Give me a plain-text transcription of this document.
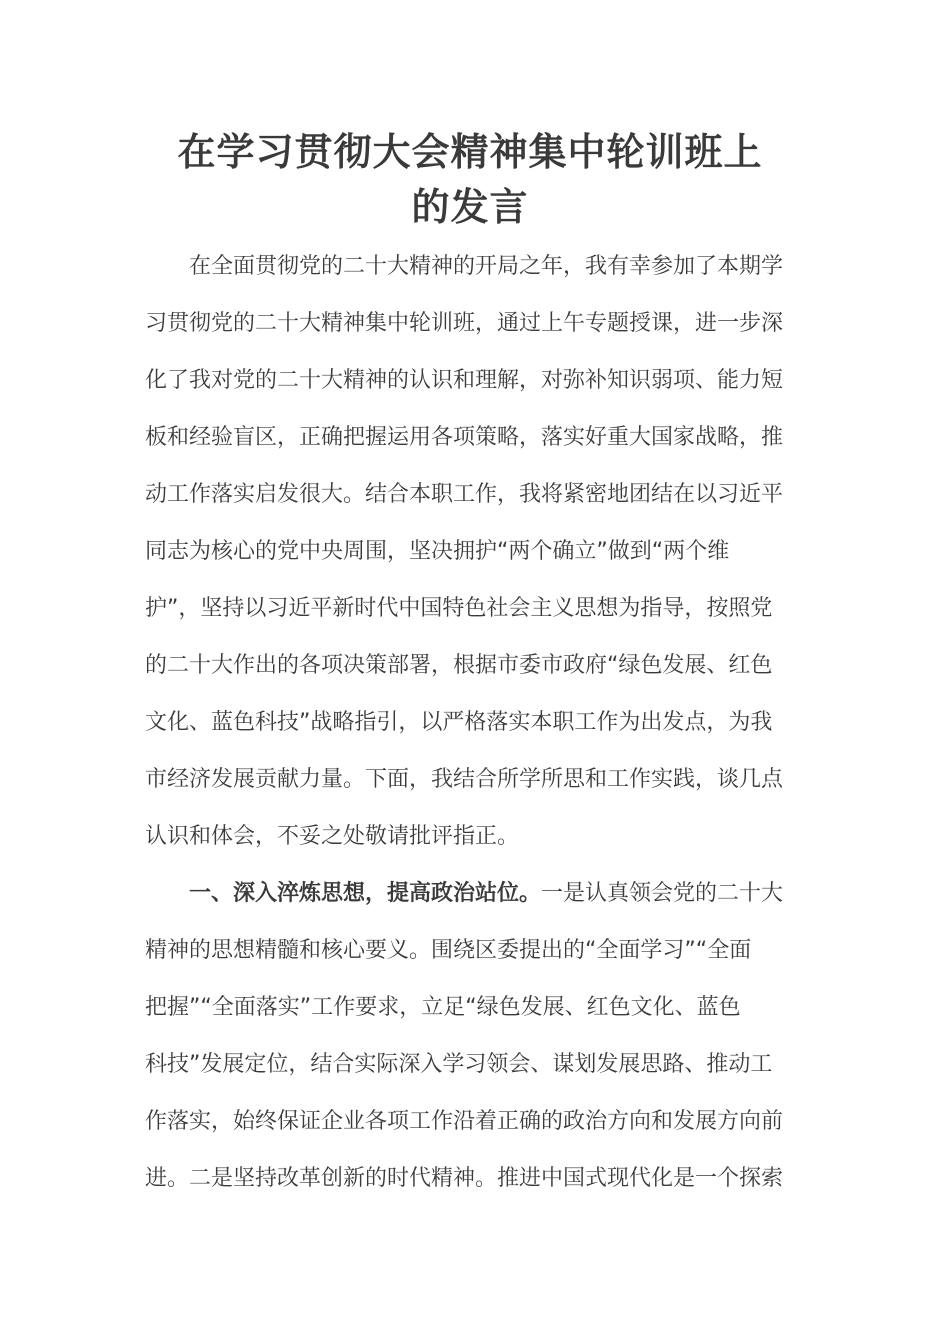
在学习贯彻大会精神集中轮训班上
的发言
在全面贯彻党的二十大精神的开局之年，我有幸参加了本期学
习贯彻党的二十大精神集中轮训班，通过上午专题授课，进一步深
化了我对党的二十大精神的认识和理解，对弥补知识弱项、能力短
板和经验盲区，正确把握运用各项策略，落实好重大国家战略，推
动工作落实启发很大。结合本职工作，我将紧密地团结在以习近平
同志为核心的党中央周围，坚决拥护“两个确立”做到“两个维
护”，坚持以习近平新时代中国特色社会主义思想为指导，按照党
的二十大作出的各项决策部署，根据市委市政府“绿色发展、红色
文化、蓝色科技”战略指引，以严格落实本职工作为出发点，为我
市经济发展贡献力量。下面，我结合所学所思和工作实践，谈几点
认识和体会，不妥之处敬请批评指正。
一、深入淬炼思想，提高政治站位。一是认真领会党的二十大
精神的思想精髓和核心要义。围绕区委提出的“全面学习”“全面
把握”“全面落实”工作要求，立足“绿色发展、红色文化、蓝色
科技”发展定位，结合实际深入学习领会、谋划发展思路、推动工
作落实，始终保证企业各项工作沿着正确的政治方向和发展方向前
进。二是坚持改革创新的时代精神。推进中国式现代化是一个探索
